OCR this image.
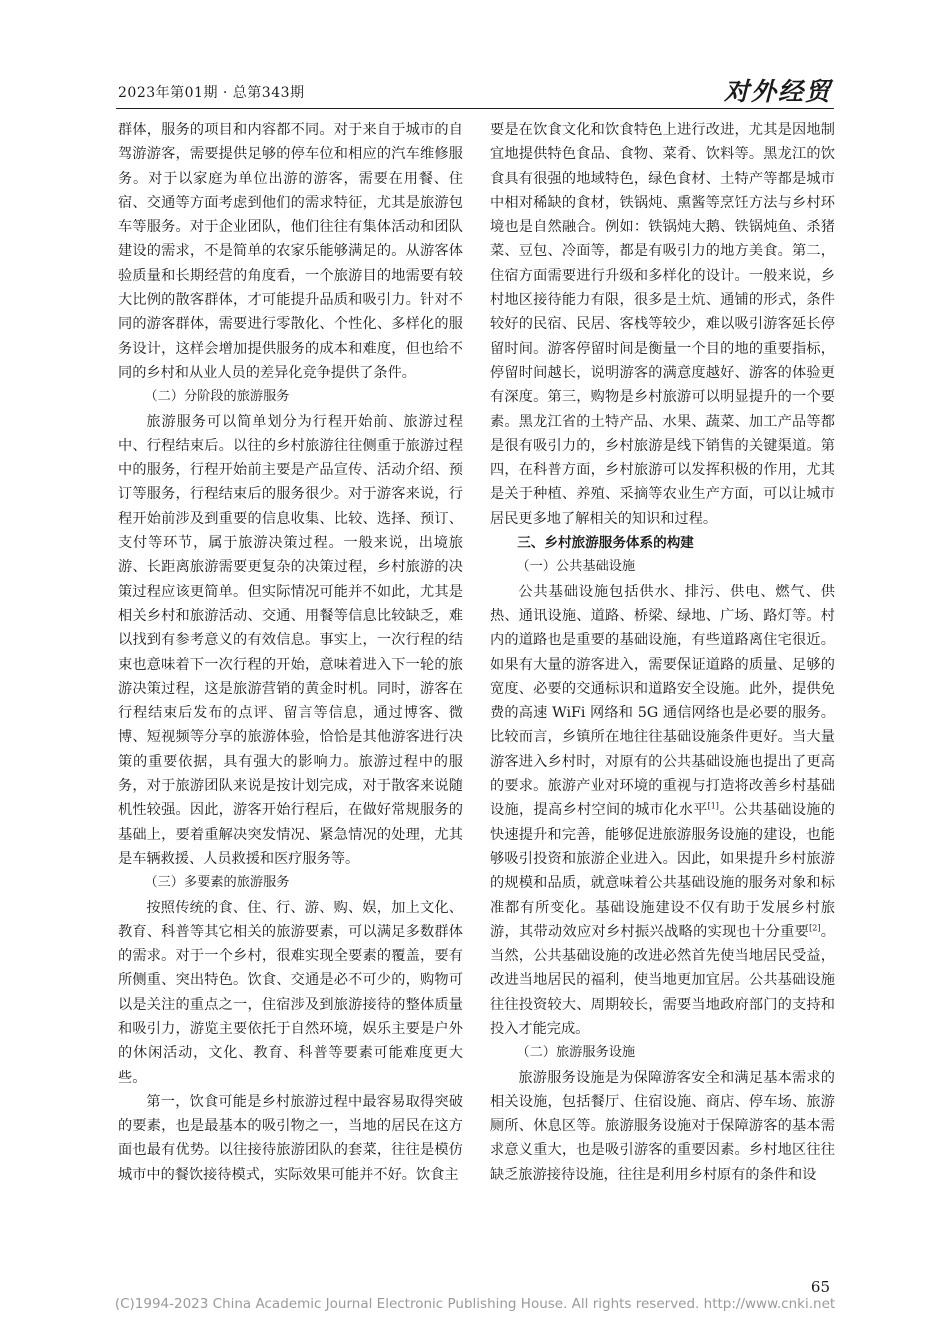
2023年第01期 · 总第343期	对外经贸

群体，服务的项目和内容都不同。对于来自于城市的自驾游游客，需要提供足够的停车位和相应的汽车维修服务。对于以家庭为单位出游的游客，需要在用餐、住宿、交通等方面考虑到他们的需求特征，尤其是旅游包车等服务。对于企业团队，他们往往有集体活动和团队建设的需求，不是简单的农家乐能够满足的。从游客体验质量和长期经营的角度看，一个旅游目的地需要有较大比例的散客群体，才可能提升品质和吸引力。针对不同的游客群体，需要进行零散化、个性化、多样化的服务设计，这样会增加提供服务的成本和难度，但也给不同的乡村和从业人员的差异化竞争提供了条件。

（二）分阶段的旅游服务

旅游服务可以简单划分为行程开始前、旅游过程中、行程结束后。以往的乡村旅游往往侧重于旅游过程中的服务，行程开始前主要是产品宣传、活动介绍、预订等服务，行程结束后的服务很少。对于游客来说，行程开始前涉及到重要的信息收集、比较、选择、预订、支付等环节，属于旅游决策过程。一般来说，出境旅游、长距离旅游需要更复杂的决策过程，乡村旅游的决策过程应该更简单。但实际情况可能并不如此，尤其是相关乡村和旅游活动、交通、用餐等信息比较缺乏，难以找到有参考意义的有效信息。事实上，一次行程的结束也意味着下一次行程的开始，意味着进入下一轮的旅游决策过程，这是旅游营销的黄金时机。同时，游客在行程结束后发布的点评、留言等信息，通过博客、微博、短视频等分享的旅游体验，恰恰是其他游客进行决策的重要依据，具有强大的影响力。旅游过程中的服务，对于旅游团队来说是按计划完成，对于散客来说随机性较强。因此，游客开始行程后，在做好常规服务的基础上，要着重解决突发情况、紧急情况的处理，尤其是车辆救援、人员救援和医疗服务等。

（三）多要素的旅游服务

按照传统的食、住、行、游、购、娱，加上文化、教育、科普等其它相关的旅游要素，可以满足多数群体的需求。对于一个乡村，很难实现全要素的覆盖，要有所侧重、突出特色。饮食、交通是必不可少的，购物可以是关注的重点之一，住宿涉及到旅游接待的整体质量和吸引力，游览主要依托于自然环境，娱乐主要是户外的休闲活动，文化、教育、科普等要素可能难度更大些。

第一，饮食可能是乡村旅游过程中最容易取得突破的要素，也是最基本的吸引物之一，当地的居民在这方面也最有优势。以往接待旅游团队的套菜，往往是模仿城市中的餐饮接待模式，实际效果可能并不好。饮食主

要是在饮食文化和饮食特色上进行改进，尤其是因地制宜地提供特色食品、食物、菜肴、饮料等。黑龙江的饮食具有很强的地域特色，绿色食材、土特产等都是城市中相对稀缺的食材，铁锅炖、熏酱等烹饪方法与乡村环境也是自然融合。例如：铁锅炖大鹅、铁锅炖鱼、杀猪菜、豆包、冷面等，都是有吸引力的地方美食。第二，住宿方面需要进行升级和多样化的设计。一般来说，乡村地区接待能力有限，很多是土炕、通铺的形式，条件较好的民宿、民居、客栈等较少，难以吸引游客延长停留时间。游客停留时间是衡量一个目的地的重要指标，停留时间越长，说明游客的满意度越好、游客的体验更有深度。第三，购物是乡村旅游可以明显提升的一个要素。黑龙江省的土特产品、水果、蔬菜、加工产品等都是很有吸引力的，乡村旅游是线下销售的关键渠道。第四，在科普方面，乡村旅游可以发挥积极的作用，尤其是关于种植、养殖、采摘等农业生产方面，可以让城市居民更多地了解相关的知识和过程。

三、乡村旅游服务体系的构建

（一）公共基础设施

公共基础设施包括供水、排污、供电、燃气、供热、通讯设施、道路、桥梁、绿地、广场、路灯等。村内的道路也是重要的基础设施，有些道路离住宅很近。如果有大量的游客进入，需要保证道路的质量、足够的宽度、必要的交通标识和道路安全设施。此外，提供免费的高速 WiFi 网络和 5G 通信网络也是必要的服务。比较而言，乡镇所在地往往基础设施条件更好。当大量游客进入乡村时，对原有的公共基础设施也提出了更高的要求。旅游产业对环境的重视与打造将改善乡村基础设施，提高乡村空间的城市化水平[1]。公共基础设施的快速提升和完善，能够促进旅游服务设施的建设，也能够吸引投资和旅游企业进入。因此，如果提升乡村旅游的规模和品质，就意味着公共基础设施的服务对象和标准都有所变化。基础设施建设不仅有助于发展乡村旅游，其带动效应对乡村振兴战略的实现也十分重要[2]。当然，公共基础设施的改进必然首先使当地居民受益，改进当地居民的福利，使当地更加宜居。公共基础设施往往投资较大、周期较长，需要当地政府部门的支持和投入才能完成。

（二）旅游服务设施

旅游服务设施是为保障游客安全和满足基本需求的相关设施，包括餐厅、住宿设施、商店、停车场、旅游厕所、休息区等。旅游服务设施对于保障游客的基本需求意义重大，也是吸引游客的重要因素。乡村地区往往缺乏旅游接待设施，往往是利用乡村原有的条件和设

65
(C)1994-2023 China Academic Journal Electronic Publishing House. All rights reserved. http://www.cnki.net
